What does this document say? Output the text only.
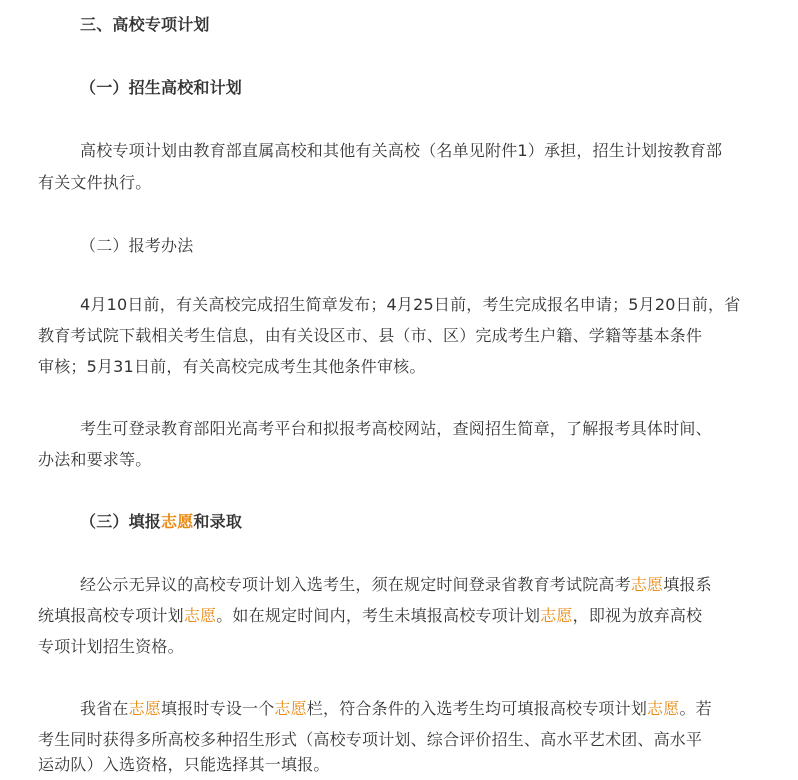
三、高校专项计划
（一）招生高校和计划
高校专项计划由教育部直属高校和其他有关高校（名单见附件1）承担，招生计划按教育部
有关文件执行。
（二）报考办法
4月10日前，有关高校完成招生简章发布；4月25日前，考生完成报名申请；5月20日前，省
教育考试院下载相关考生信息，由有关设区市、县（市、区）完成考生户籍、学籍等基本条件
审核；5月31日前，有关高校完成考生其他条件审核。
考生可登录教育部阳光高考平台和拟报考高校网站，查阅招生简章，了解报考具体时间、
办法和要求等。
（三）填报志愿和录取
经公示无异议的高校专项计划入选考生，须在规定时间登录省教育考试院高考志愿填报系
统填报高校专项计划志愿。如在规定时间内，考生未填报高校专项计划志愿，即视为放弃高校
专项计划招生资格。
我省在志愿填报时专设一个志愿栏，符合条件的入选考生均可填报高校专项计划志愿。若
考生同时获得多所高校多种招生形式（高校专项计划、综合评价招生、高水平艺术团、高水平
运动队）入选资格，只能选择其一填报。
